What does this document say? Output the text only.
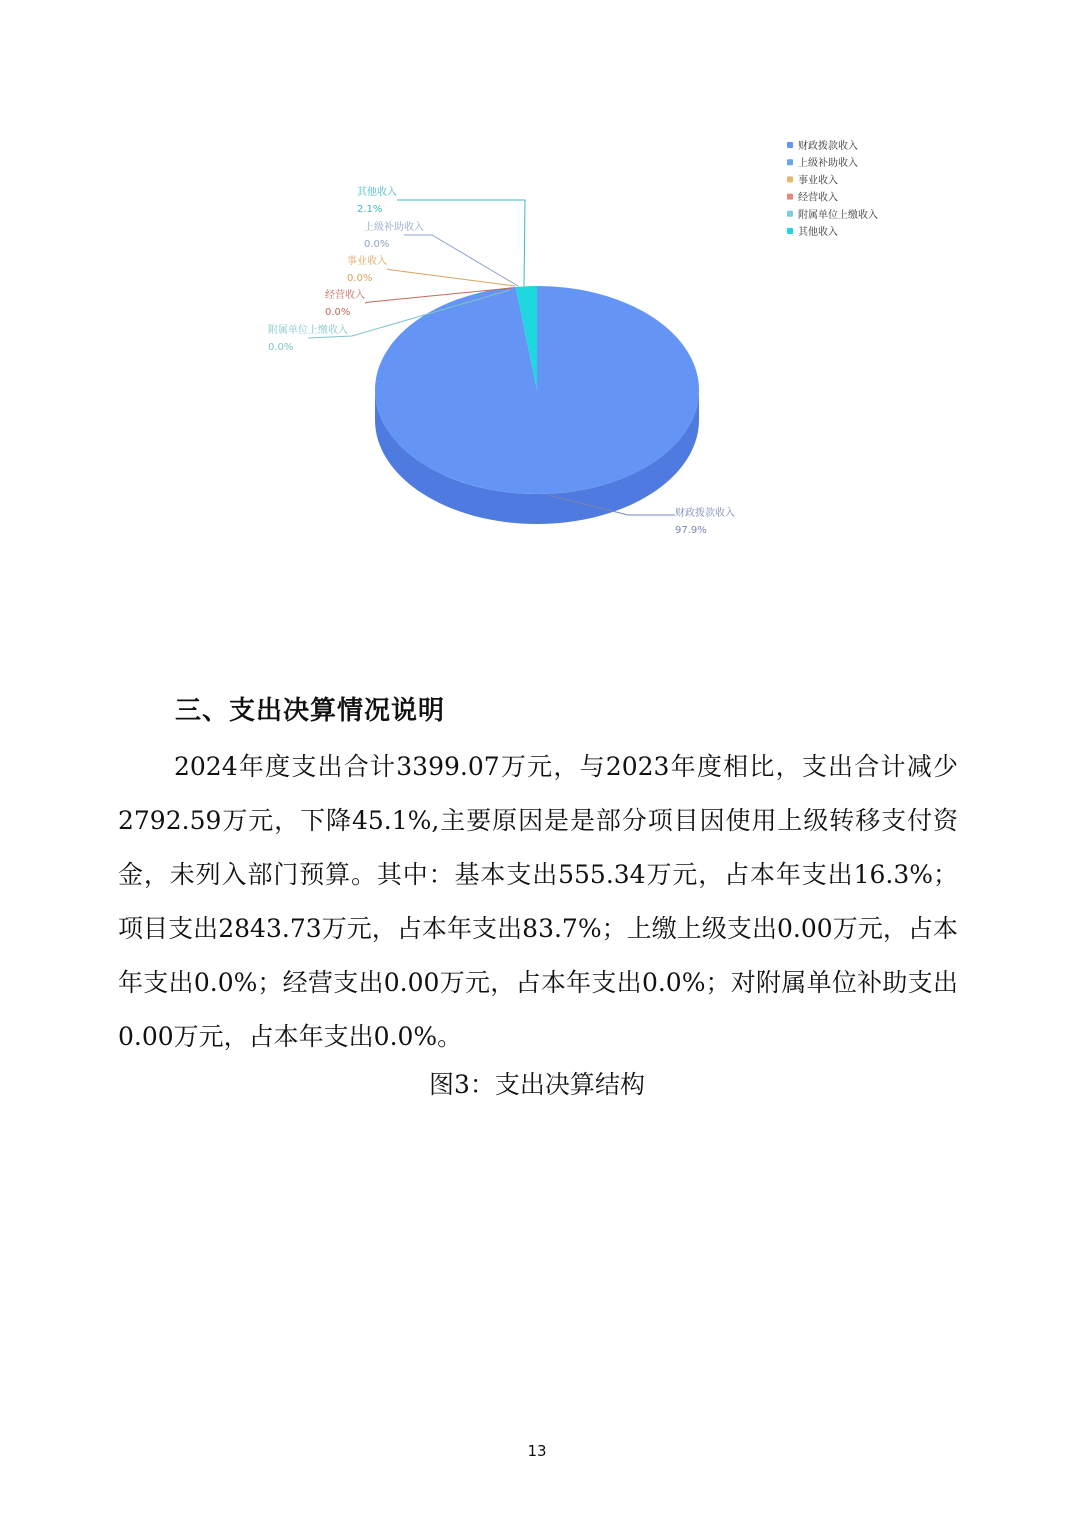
其他收入
2.1%
上级补助收入
0.0%
事业收入
0.0%
经营收入
0.0%
附属单位上缴收入
0.0%
财政拨款收入
97.9%
财政拨款收入
上级补助收入
事业收入
经营收入
附属单位上缴收入
其他收入
三、支出决算情况说明
2024年度支出合计3399.07万元，与2023年度相比，支出合计减少2792.59万元，下降45.1%,主要原因是是部分项目因使用上级转移支付资金，未列入部门预算。其中：基本支出555.34万元，占本年支出16.3%；项目支出2843.73万元，占本年支出83.7%；上缴上级支出0.00万元，占本年支出0.0%；经营支出0.00万元，占本年支出0.0%；对附属单位补助支出0.00万元，占本年支出0.0%。
图3：支出决算结构
13
